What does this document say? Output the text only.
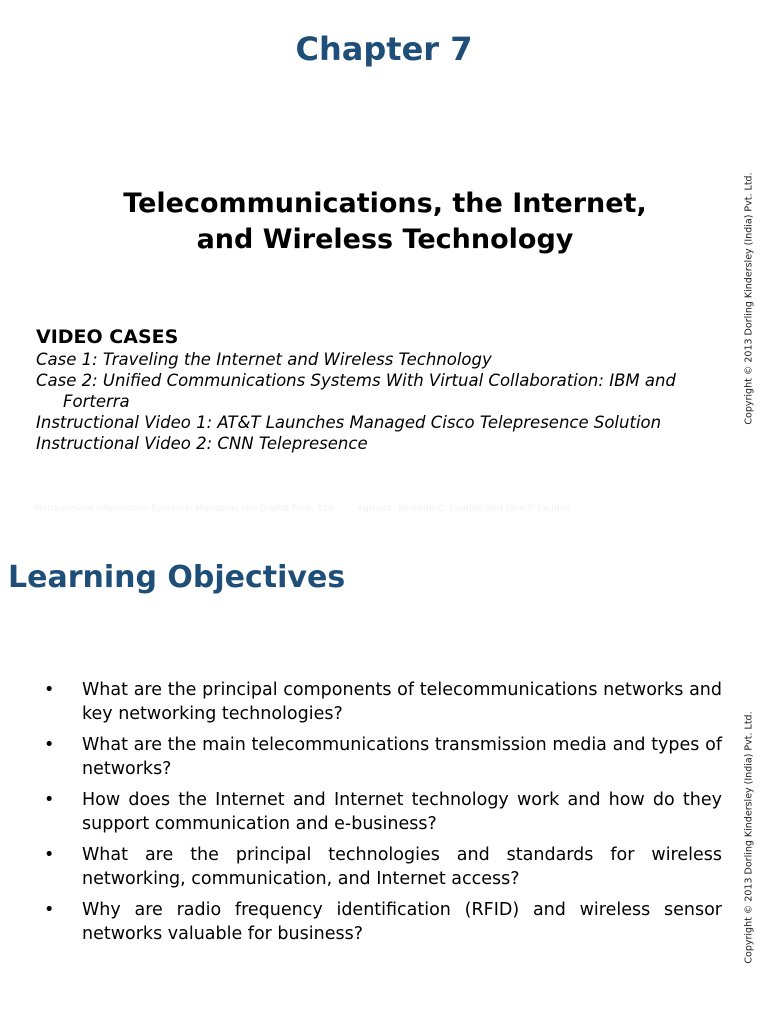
Chapter 7
Telecommunications, the Internet,
and Wireless Technology
VIDEO CASES
Case 1: Traveling the Internet and Wireless Technology
Case 2: Unified Communications Systems With Virtual Collaboration: IBM and Forterra
Instructional Video 1: AT&T Launches Managed Cisco Telepresence Solution
Instructional Video 2: CNN Telepresence
Management Information Systems: Managing the Digital Firm, 12e	Authors: Kenneth C. Laudon and Jane P. Laudon
Copyright © 2013 Dorling Kindersley (India) Pvt. Ltd.
Learning Objectives
• What are the principal components of telecommunications networks and key networking technologies?
• What are the main telecommunications transmission media and types of networks?
• How does the Internet and Internet technology work and how do they support communication and e-business?
• What are the principal technologies and standards for wireless networking, communication, and Internet access?
• Why are radio frequency identification (RFID) and wireless sensor networks valuable for business?	Copyright © 2013 Dorling Kindersley (India) Pvt. Ltd.
